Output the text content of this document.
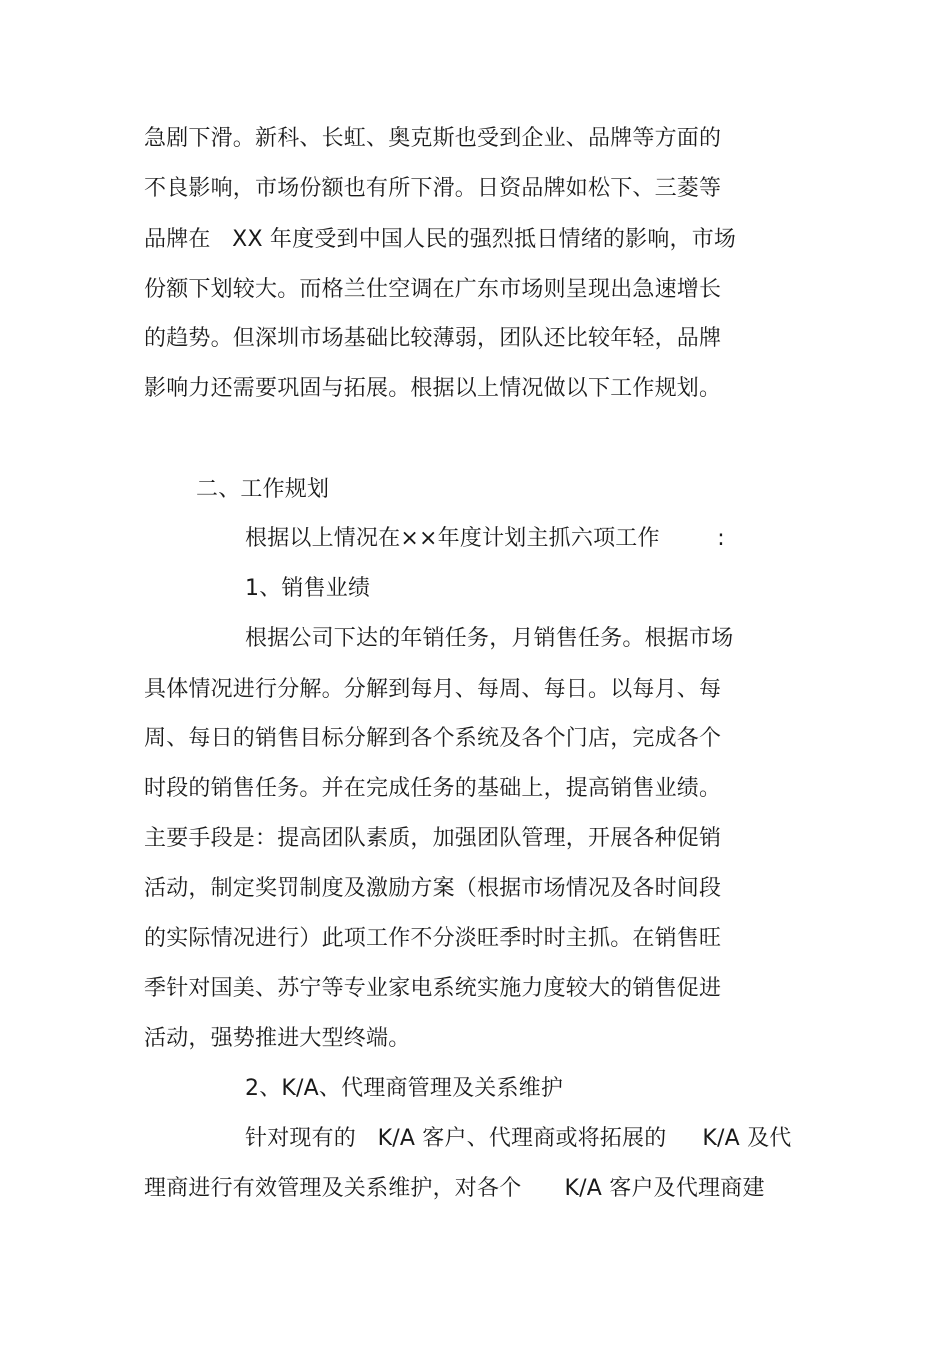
急剧下滑。新科、长虹、奥克斯也受到企业、品牌等方面的
不良影响，市场份额也有所下滑。日资品牌如松下、三菱等
品牌在   XX 年度受到中国人民的强烈抵日情绪的影响，市场
份额下划较大。而格兰仕空调在广东市场则呈现出急速增长
的趋势。但深圳市场基础比较薄弱，团队还比较年轻，品牌
影响力还需要巩固与拓展。根据以上情况做以下工作规划。
二、工作规划
根据以上情况在××年度计划主抓六项工作        :
1、销售业绩
根据公司下达的年销任务，月销售任务。根据市场
具体情况进行分解。分解到每月、每周、每日。以每月、每
周、每日的销售目标分解到各个系统及各个门店，完成各个
时段的销售任务。并在完成任务的基础上，提高销售业绩。
主要手段是：提高团队素质，加强团队管理，开展各种促销
活动，制定奖罚制度及激励方案（根据市场情况及各时间段
的实际情况进行）此项工作不分淡旺季时时主抓。在销售旺
季针对国美、苏宁等专业家电系统实施力度较大的销售促进
活动，强势推进大型终端。
2、K/A、代理商管理及关系维护
针对现有的   K/A 客户、代理商或将拓展的     K/A 及代
理商进行有效管理及关系维护，对各个      K/A 客户及代理商建
